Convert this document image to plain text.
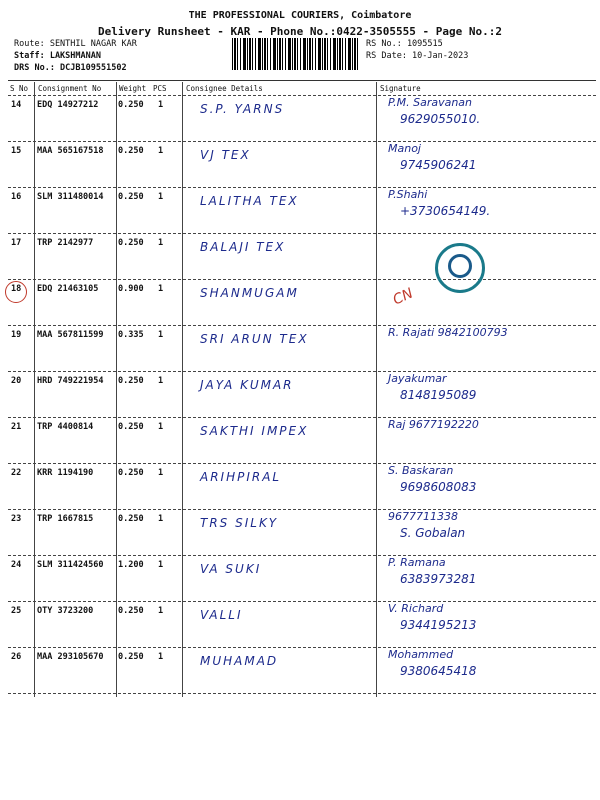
THE PROFESSIONAL COURIERS, Coimbatore
Delivery Runsheet - KAR - Phone No.:0422-3505555 - Page No.:2
Route: SENTHIL NAGAR KAR
Staff: LAKSHMANAN
DRS No.: DCJB109551502
RS No.: 1095515
RS Date: 10-Jan-2023
S No Consignment No Weight PCS	Consignee Details	Signature
14 EDQ 14927212 0.250 1	S.P. YARNS	P.M. Saravanan
9629055010.
15 MAA 565167518 0.250 1	VJ TEX	Manoj
9745906241
16 SLM 311480014 0.250 1	LALITHA TEX	P.Shahi
+3730654149.
17 TRP 2142977	0.250 1	BALAJI TEX
18 EDQ 21463105 0.900 1	SHANMUGAM
19 MAA 567811599 0.335 1	SRI ARUN TEX	R. Rajati 9842100793
20 HRD 749221954 0.250 1	JAYA KUMAR	Jayakumar
8148195089
21 TRP 4400814	0.250 1	SAKTHI IMPEX	Raj 9677192220
22 KRR 1194190	0.250 1	ARIHPIRAL	S. Baskaran
9698608083
23 TRP 1667815	0.250 1	TRS SILKY	9677711338
S. Gobalan
24 SLM 311424560 1.200 1	VA SUKI	P. Ramana
6383973281
25 OTY 3723200	0.250 1	VALLI	V. Richard
9344195213
26 MAA 293105670 0.250 1	MUHAMAD	Mohammed
9380645418
CN
